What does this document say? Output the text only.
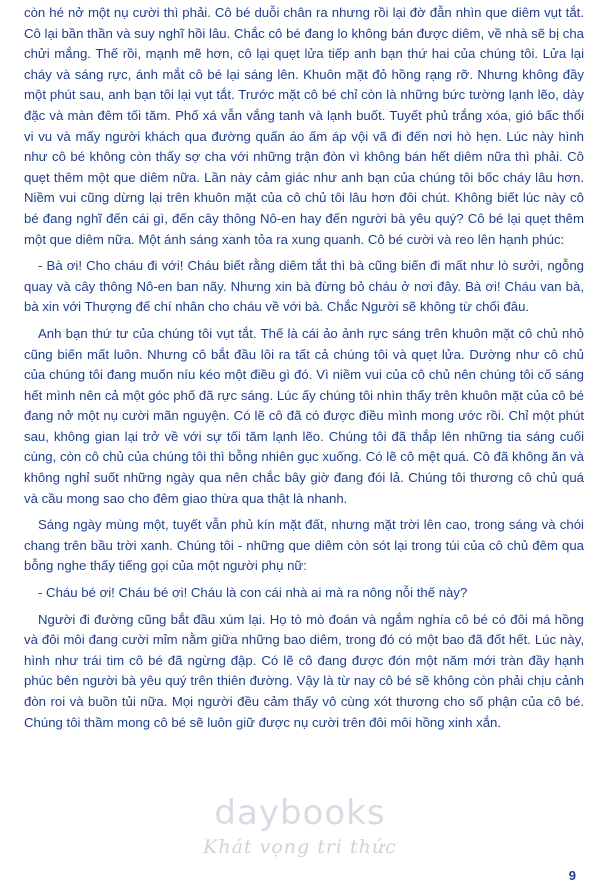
còn hé nở một nụ cười thì phải. Cô bé duỗi chân ra nhưng rồi lại đờ đẫn nhìn que diêm vụt tắt. Cô lại bần thần và suy nghĩ hồi lâu. Chắc cô bé đang lo không bán được diêm, về nhà sẽ bị cha chửi mắng. Thế rồi, mạnh mẽ hơn, cô lại quẹt lửa tiếp anh bạn thứ hai của chúng tôi. Lửa lại cháy và sáng rực, ánh mắt cô bé lại sáng lên. Khuôn mặt đỏ hồng rạng rỡ. Nhưng không đầy một phút sau, anh bạn tôi lại vụt tắt. Trước mặt cô bé chỉ còn là những bức tường lạnh lẽo, dày đặc và màn đêm tối tăm. Phố xá vẫn vắng tanh và lạnh buốt. Tuyết phủ trắng xóa, gió bấc thổi vi vu và mấy người khách qua đường quấn áo ấm áp vội vã đi đến nơi hò hẹn. Lúc này hình như cô bé không còn thấy sợ cha với những trận đòn vì không bán hết diêm nữa thì phải. Cô quẹt thêm một que diêm nữa. Lần này cảm giác như anh bạn của chúng tôi bốc cháy lâu hơn. Niềm vui cũng dừng lại trên khuôn mặt của cô chủ tôi lâu hơn đôi chút. Không biết lúc này cô bé đang nghĩ đến cái gì, đến cây thông Nô-en hay đến người bà yêu quý? Cô bé lại quẹt thêm một que diêm nữa. Một ánh sáng xanh tỏa ra xung quanh. Cô bé cười và reo lên hạnh phúc:

- Bà ơi! Cho cháu đi với! Cháu biết rằng diêm tắt thì bà cũng biến đi mất như lò sưởi, ngỗng quay và cây thông Nô-en ban nãy. Nhưng xin bà đừng bỏ cháu ở nơi đây. Bà ơi! Cháu van bà, bà xin với Thượng đế chí nhân cho cháu về với bà. Chắc Người sẽ không từ chối đâu.

Anh bạn thứ tư của chúng tôi vụt tắt. Thế là cái ảo ảnh rực sáng trên khuôn mặt cô chủ nhỏ cũng biến mất luôn. Nhưng cô bắt đầu lôi ra tất cả chúng tôi và quẹt lửa. Dường như cô chủ của chúng tôi đang muốn níu kéo một điều gì đó. Vì niềm vui của cô chủ nên chúng tôi cố sáng hết mình nên cả một góc phố đã rực sáng. Lúc ấy chúng tôi nhìn thấy trên khuôn mặt của cô bé đang nở một nụ cười mãn nguyện. Có lẽ cô đã có được điều mình mong ước rồi. Chỉ một phút sau, không gian lại trở về với sự tối tăm lạnh lẽo. Chúng tôi đã thắp lên những tia sáng cuối cùng, còn cô chủ của chúng tôi thì bỗng nhiên gục xuống. Có lẽ cô mệt quá. Cô đã không ăn và không nghỉ suốt những ngày qua nên chắc bây giờ đang đói lả. Chúng tôi thương cô chủ quá và cầu mong sao cho đêm giao thừa qua thật là nhanh.

Sáng ngày mùng một, tuyết vẫn phủ kín mặt đất, nhưng mặt trời lên cao, trong sáng và chói chang trên bầu trời xanh. Chúng tôi - những que diêm còn sót lại trong túi của cô chủ đêm qua bỗng nghe thấy tiếng gọi của một người phụ nữ:

- Cháu bé ơi! Cháu bé ơi! Cháu là con cái nhà ai mà ra nông nỗi thế này?

Người đi đường cũng bắt đầu xúm lại. Họ tò mò đoán và ngắm nghía cô bé có đôi má hồng và đôi môi đang cười mỉm nằm giữa những bao diêm, trong đó có một bao đã đốt hết. Lúc này, hình như trái tim cô bé đã ngừng đập. Có lẽ cô đang được đón một năm mới tràn đầy hạnh phúc bên người bà yêu quý trên thiên đường. Vậy là từ nay cô bé sẽ không còn phải chịu cảnh đòn roi và buồn tủi nữa. Mọi người đều cảm thấy vô cùng xót thương cho số phận của cô bé. Chúng tôi thầm mong cô bé sẽ luôn giữ được nụ cười trên đôi môi hồng xinh xắn.

daybooks
Khát vọng tri thức
9
